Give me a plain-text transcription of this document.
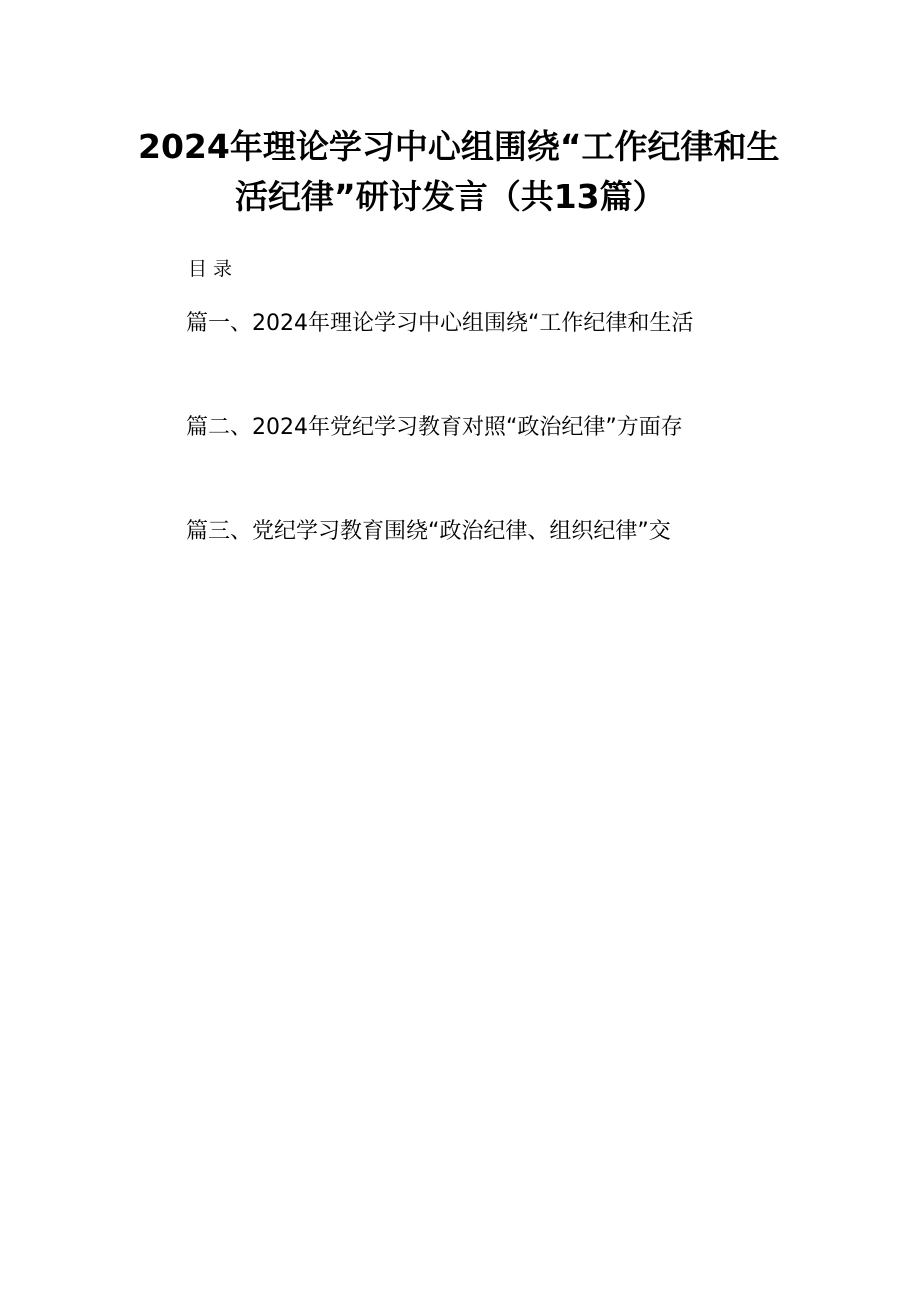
2024年理论学习中心组围绕“工作纪律和生
活纪律”研讨发言（共13篇）
目录
篇一、2024年理论学习中心组围绕“工作纪律和生活
篇二、2024年党纪学习教育对照“政治纪律”方面存
篇三、党纪学习教育围绕“政治纪律、组织纪律”交
